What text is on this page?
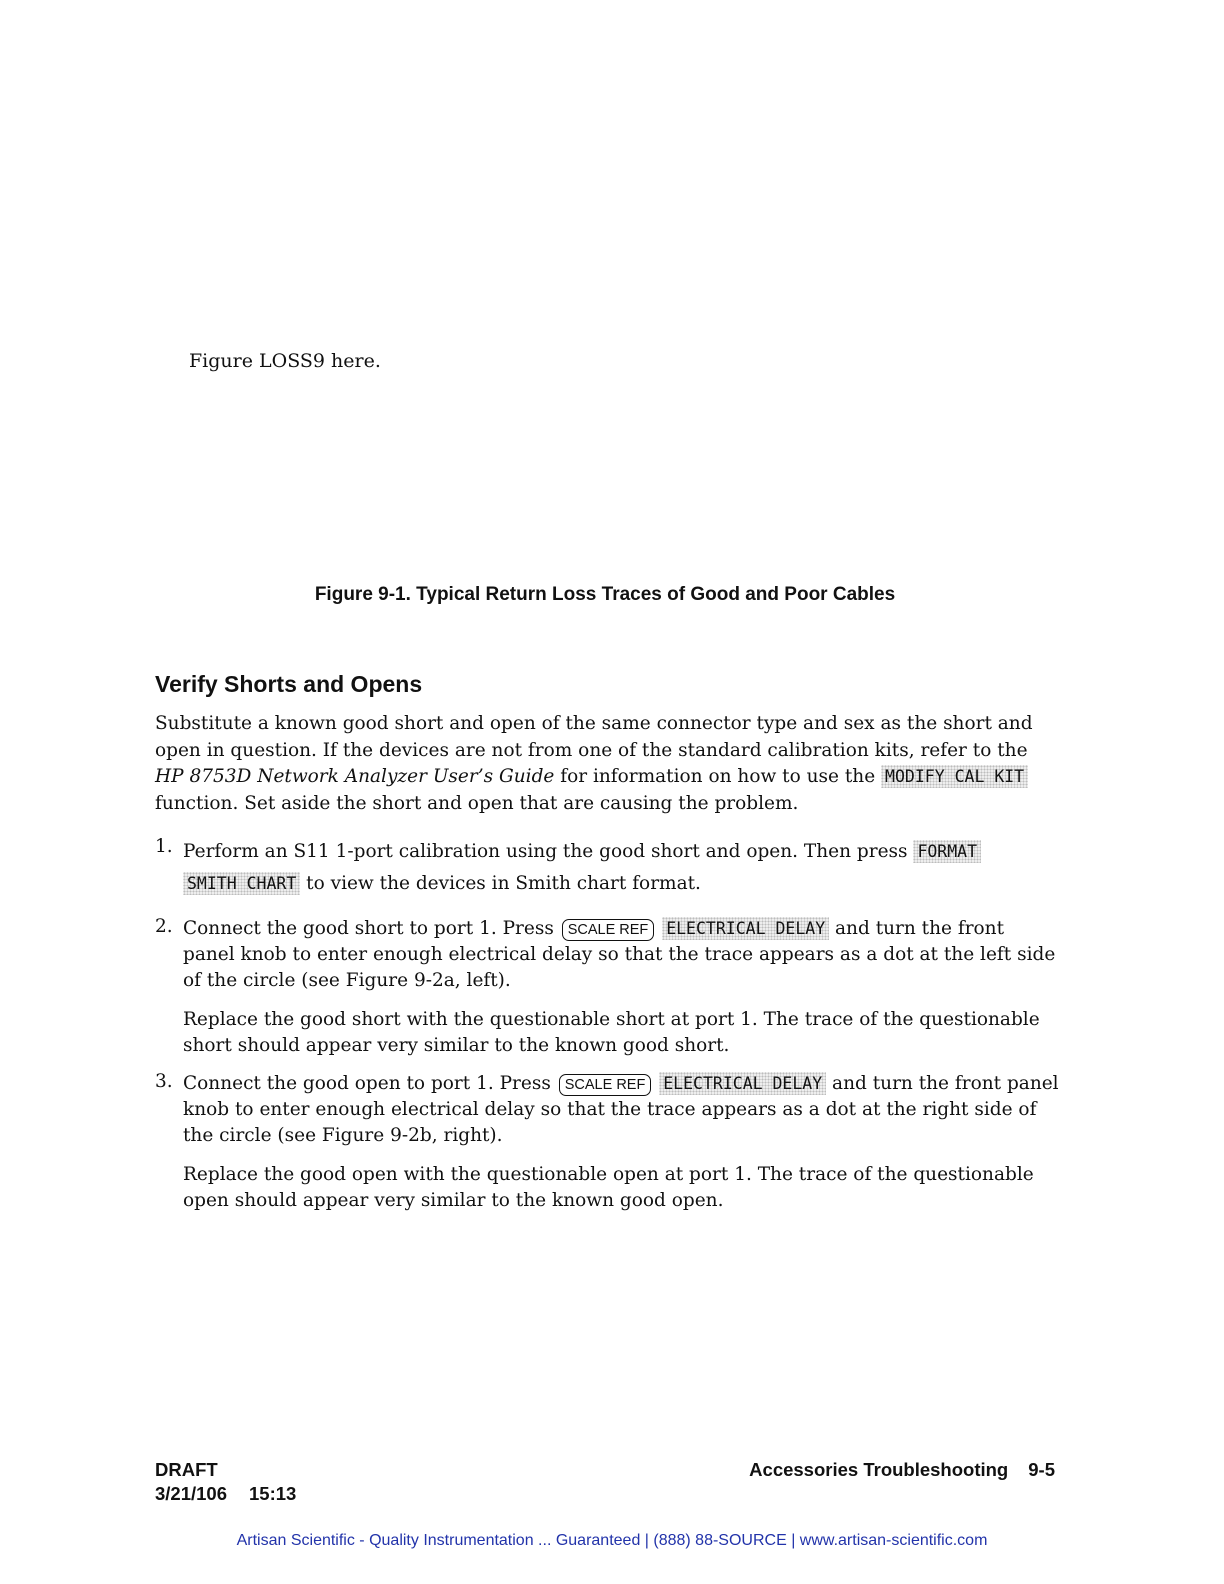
Figure LOSS9 here.
Figure 9-1. Typical Return Loss Traces of Good and Poor Cables
Verify Shorts and Opens

Substitute a known good short and open of the same connector type and sex as the short and open in question. If the devices are not from one of the standard calibration kits, refer to the HP 8753D Network Analyzer User’s Guide for information on how to use the MODIFY CAL KIT function. Set aside the short and open that are causing the problem.

1. Perform an S11 1-port calibration using the good short and open. Then press FORMAT
SMITH CHART to view the devices in Smith chart format.
2. Connect the good short to port 1. Press SCALE REF ELECTRICAL DELAY and turn the front panel knob to enter enough electrical delay so that the trace appears as a dot at the left side of the circle (see Figure 9-2a, left).
Replace the good short with the questionable short at port 1. The trace of the questionable short should appear very similar to the known good short.
3. Connect the good open to port 1. Press SCALE REF ELECTRICAL DELAY and turn the front panel knob to enter enough electrical delay so that the trace appears as a dot at the right side of the circle (see Figure 9-2b, right).
Replace the good open with the questionable open at port 1. The trace of the questionable open should appear very similar to the known good open.
DRAFT
3/21/106 15:13
Accessories Troubleshooting 9-5
Artisan Scientific - Quality Instrumentation ... Guaranteed | (888) 88-SOURCE | www.artisan-scientific.com
